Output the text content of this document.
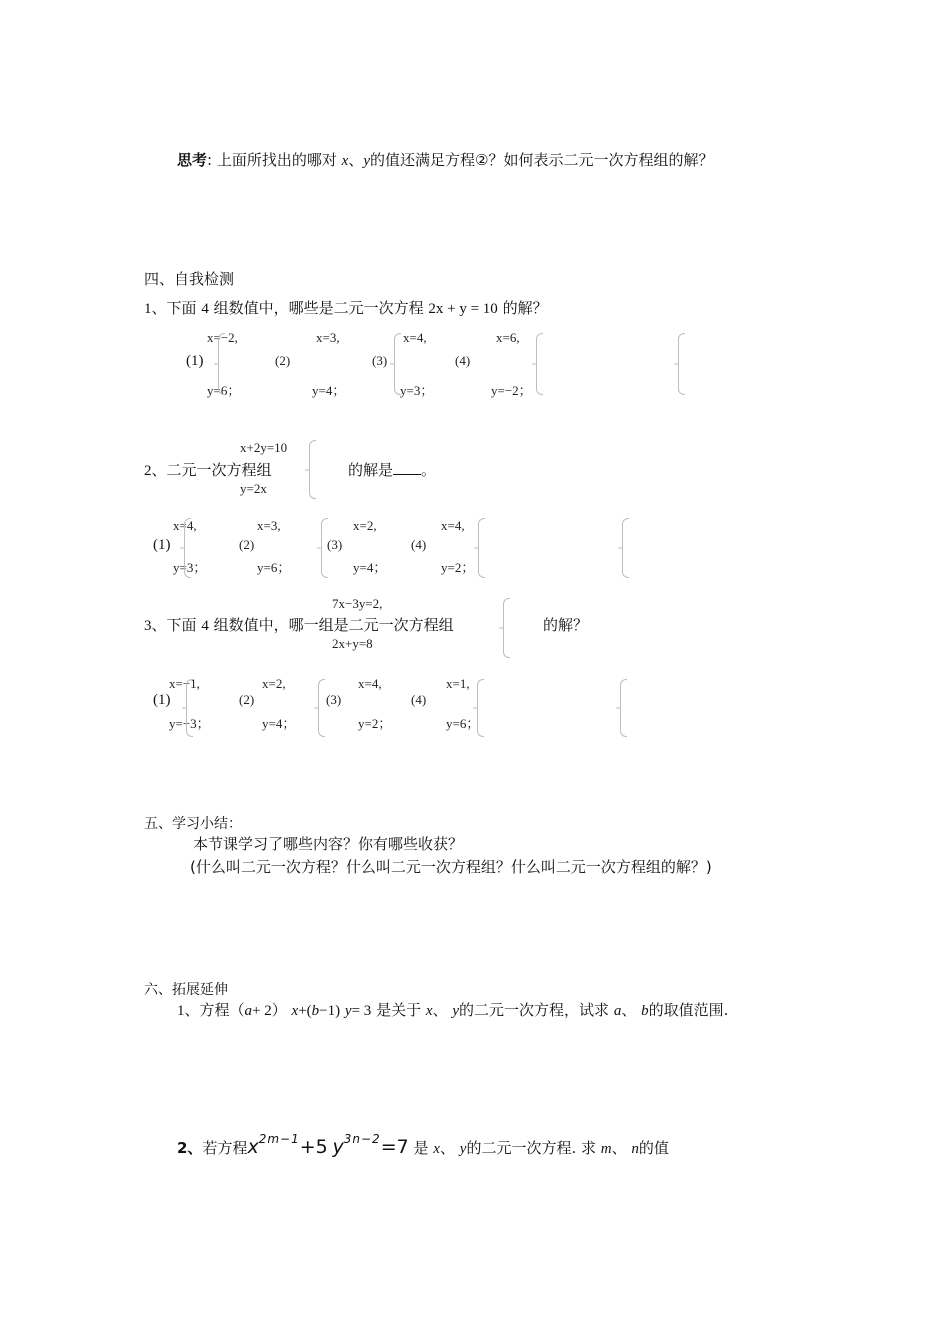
思考: 上面所找出的哪对 x、y的值还满足方程②？如何表示二元一次方程组的解？
四、自我检测
1、下面 4 组数值中，哪些是二元一次方程 2x + y = 10 的解？
(1)
x=−2,
y=6；
(2)
x=3,
y=4；
(3)
x=4,
y=3；
(4)
x=6,
y=−2；
x+2y=10
y=2x
2、二元一次方程组	的解是 。
(1)
x=4,
y=3；
(2)
x=3,
y=6；
(3)
x=2,
y=4；
(4)
x=4,
y=2；
7x−3y=2,
2x+y=8
3、下面 4 组数值中，哪一组是二元一次方程组	的解？
(1)
x=−1,
y=−3；
(2)
x=2,
y=4；
(3)
x=4,
y=2；
(4)
x=1,
y=6；
五、学习小结：
本节课学习了哪些内容？你有哪些收获？
(什么叫二元一次方程？什么叫二元一次方程组？什么叫二元一次方程组的解？)
六、拓展延伸
1、方程（a+ 2） x+(b−1) y= 3 是关于 x、 y的二元一次方程，试求 a、 b的取值范围.
2、若方程$x^{2m-1}+5$ $y^{3n-2}=7$ 是 x、 y的二元一次方程. 求 m、 n的值
